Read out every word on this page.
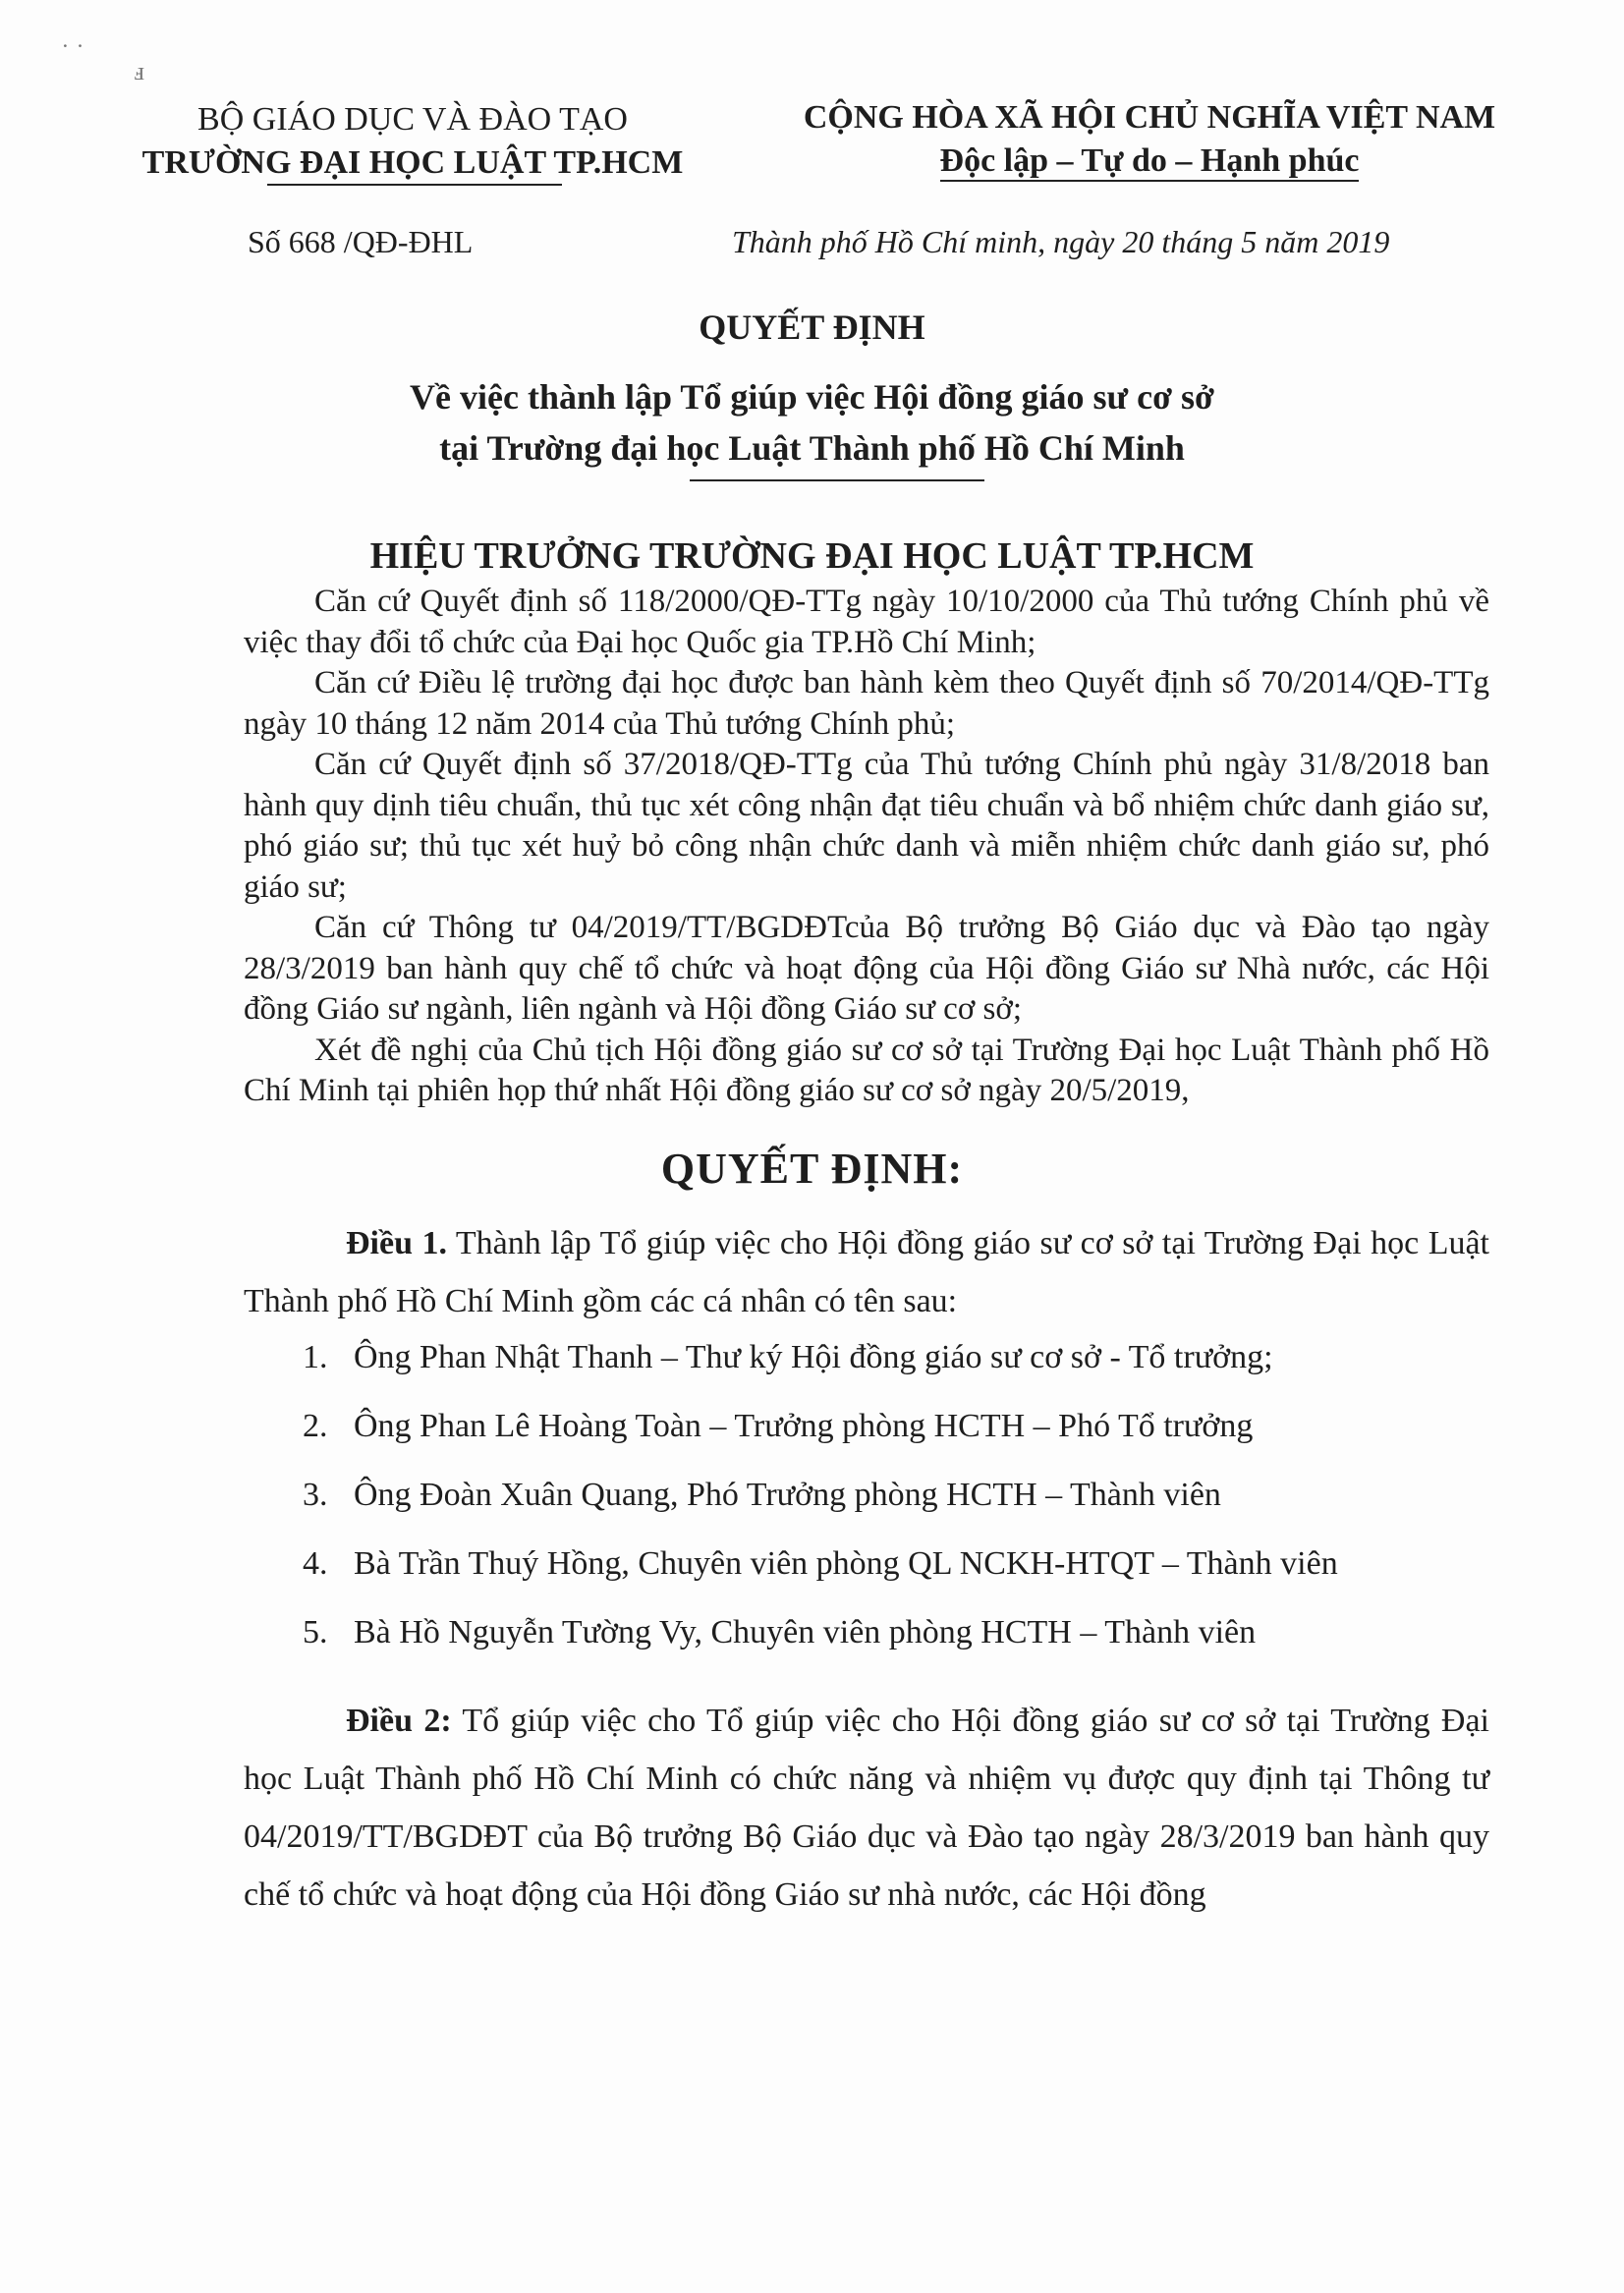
˙ ˙
ⅎ
BỘ GIÁO DỤC VÀ ĐÀO TẠO
TRƯỜNG ĐẠI HỌC LUẬT TP.HCM
CỘNG HÒA XÃ HỘI CHỦ NGHĨA VIỆT NAM
Độc lập – Tự do – Hạnh phúc
Số 668 /QĐ-ĐHL	Thành phố Hồ Chí minh, ngày 20 tháng 5 năm 2019
QUYẾT ĐỊNH
Về việc thành lập Tổ giúp việc Hội đồng giáo sư cơ sở
tại Trường đại học Luật Thành phố Hồ Chí Minh
HIỆU TRƯỞNG TRƯỜNG ĐẠI HỌC LUẬT TP.HCM

Căn cứ Quyết định số 118/2000/QĐ-TTg ngày 10/10/2000 của Thủ tướng Chính phủ về việc thay đổi tổ chức của Đại học Quốc gia TP.Hồ Chí Minh;

Căn cứ Điều lệ trường đại học được ban hành kèm theo Quyết định số 70/2014/QĐ-TTg ngày 10 tháng 12 năm 2014 của Thủ tướng Chính phủ;

Căn cứ Quyết định số 37/2018/QĐ-TTg của Thủ tướng Chính phủ ngày 31/8/2018 ban hành quy dịnh tiêu chuẩn, thủ tục xét công nhận đạt tiêu chuẩn và bổ nhiệm chức danh giáo sư, phó giáo sư; thủ tục xét huỷ bỏ công nhận chức danh và miễn nhiệm chức danh giáo sư, phó giáo sư;

Căn cứ Thông tư 04/2019/TT/BGDĐTcủa Bộ trưởng Bộ Giáo dục và Đào tạo ngày 28/3/2019 ban hành quy chế tổ chức và hoạt động của Hội đồng Giáo sư Nhà nước, các Hội đồng Giáo sư ngành, liên ngành và Hội đồng Giáo sư cơ sở;

Xét đề nghị của Chủ tịch Hội đồng giáo sư cơ sở tại Trường Đại học Luật Thành phố Hồ Chí Minh tại phiên họp thứ nhất Hội đồng giáo sư cơ sở ngày 20/5/2019,

QUYẾT ĐỊNH:

Điều 1. Thành lập Tổ giúp việc cho Hội đồng giáo sư cơ sở tại Trường Đại học Luật Thành phố Hồ Chí Minh gồm các cá nhân có tên sau:

1. Ông Phan Nhật Thanh – Thư ký Hội đồng giáo sư cơ sở - Tổ trưởng;
2. Ông Phan Lê Hoàng Toàn – Trưởng phòng HCTH – Phó Tổ trưởng
3. Ông Đoàn Xuân Quang, Phó Trưởng phòng HCTH – Thành viên
4. Bà Trần Thuý Hồng, Chuyên viên phòng QL NCKH-HTQT – Thành viên
5. Bà Hồ Nguyễn Tường Vy, Chuyên viên phòng HCTH – Thành viên

Điều 2: Tổ giúp việc cho Tổ giúp việc cho Hội đồng giáo sư cơ sở tại Trường Đại học Luật Thành phố Hồ Chí Minh có chức năng và nhiệm vụ được quy định tại Thông tư 04/2019/TT/BGDĐT của Bộ trưởng Bộ Giáo dục và Đào tạo ngày 28/3/2019 ban hành quy chế tổ chức và hoạt động của Hội đồng Giáo sư nhà nước, các Hội đồng
